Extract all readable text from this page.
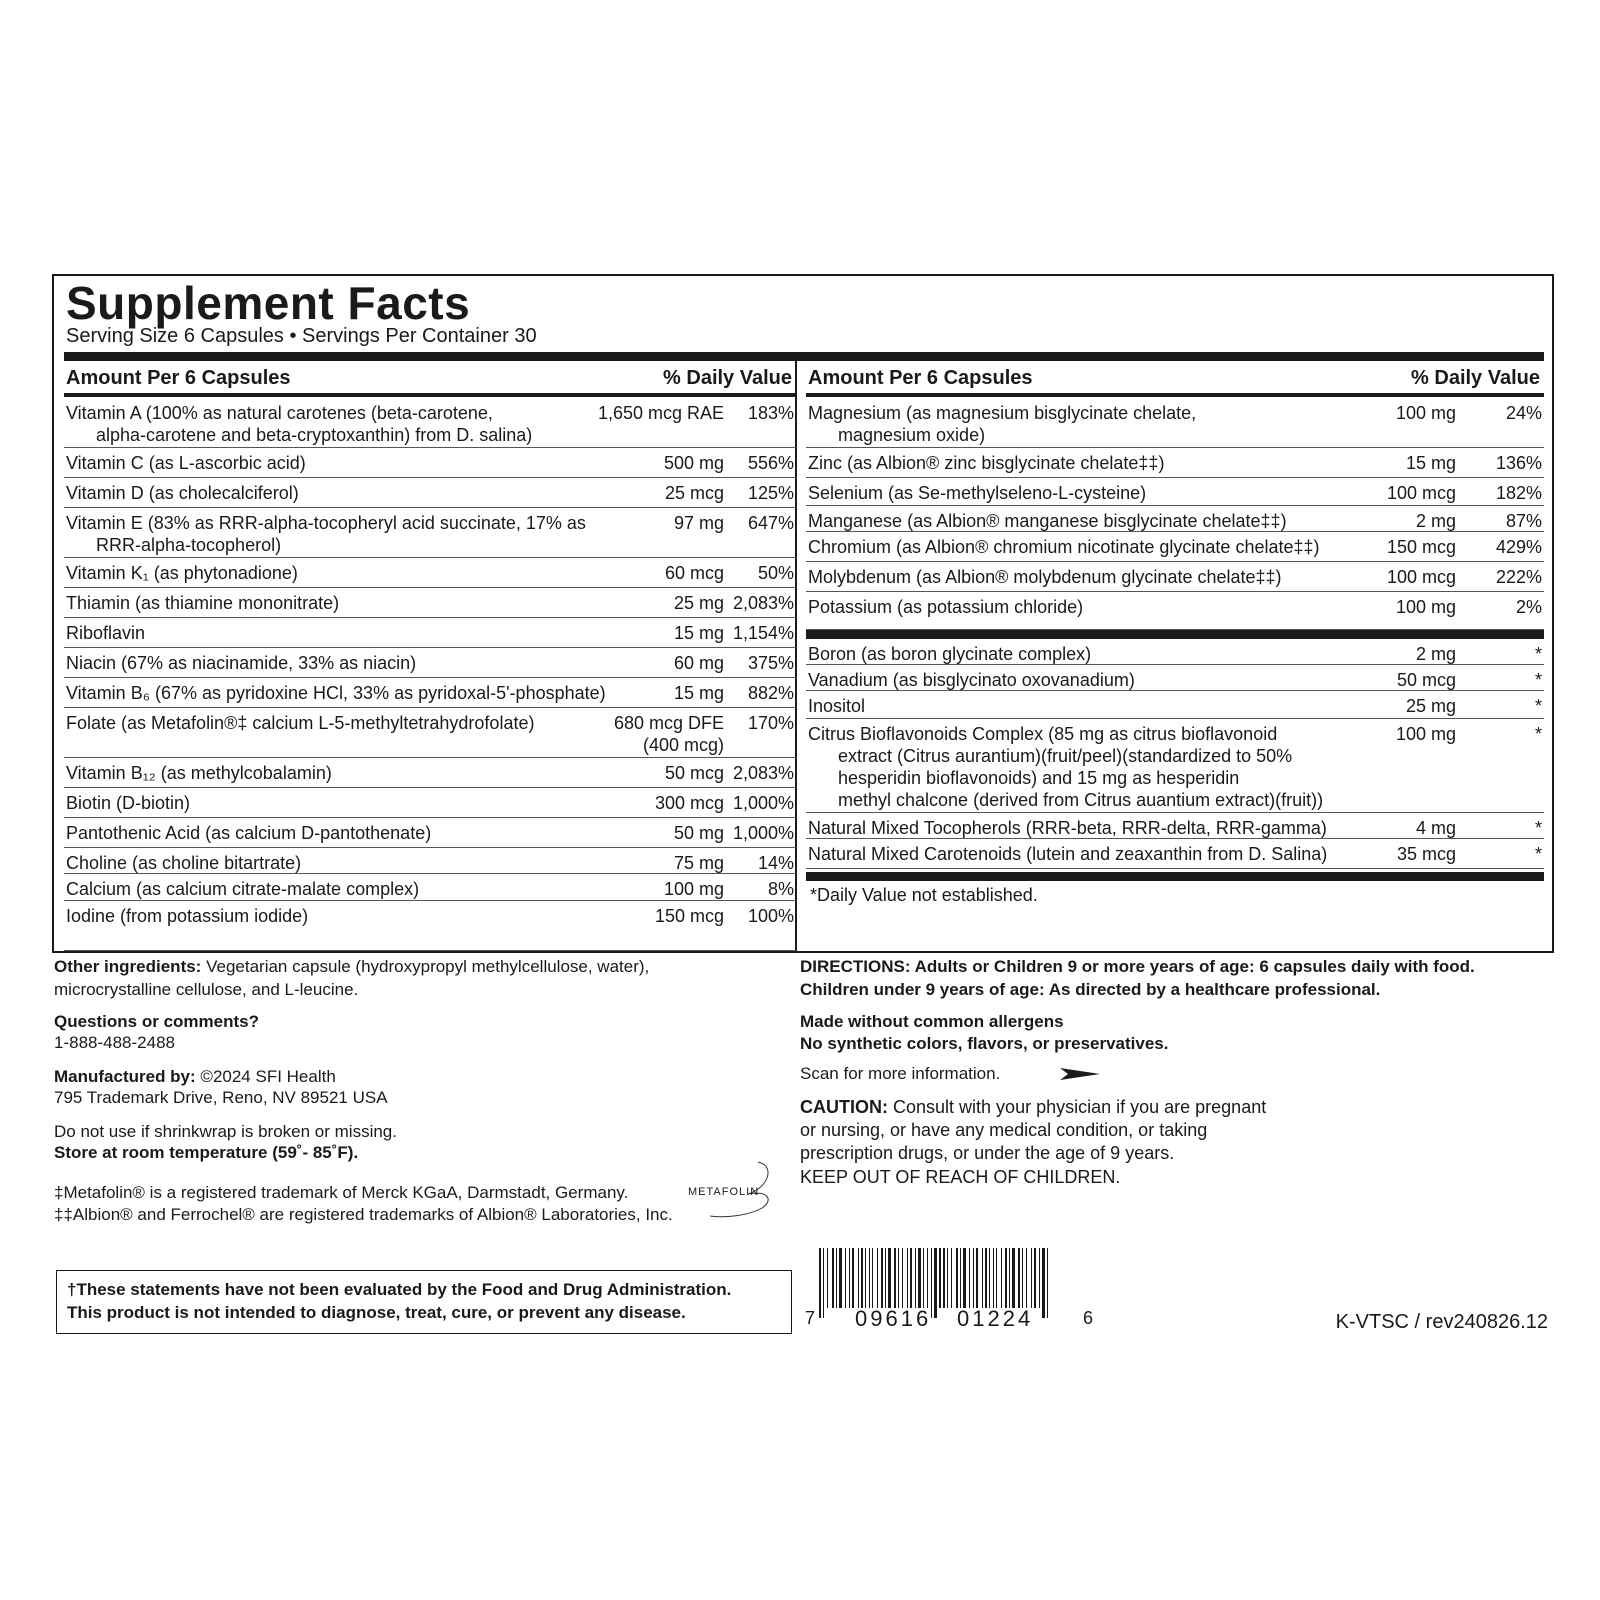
Supplement Facts
Serving Size 6 Capsules • Servings Per Container 30
Amount Per 6 Capsules	% Daily Value Amount Per 6 Capsules	% Daily Value
Vitamin A (100% as natural carotenes (beta-carotene,
alpha-carotene and beta-cryptoxanthin) from D. salina)
1,650 mcg RAE 183%
Vitamin C (as L-ascorbic acid)	500 mg 556%
Vitamin D (as cholecalciferol)	25 mcg 125%
Vitamin E (83% as RRR-alpha-tocopheryl acid succinate, 17% as
RRR-alpha-tocopherol)
97 mg 647%
Vitamin K₁ (as phytonadione)	60 mcg 50%
Thiamin (as thiamine mononitrate)	25 mg 2,083%
Riboflavin	15 mg 1,154%
Niacin (67% as niacinamide, 33% as niacin)	60 mg 375%
Vitamin B₆ (67% as pyridoxine HCl, 33% as pyridoxal-5'-phosphate)	15 mg 882%
Folate (as Metafolin®‡ calcium L-5-methyltetrahydrofolate)	680 mcg DFE
(400 mcg)
170%
Vitamin B₁₂ (as methylcobalamin)	50 mcg 2,083%
Biotin (D-biotin)	300 mcg 1,000%
Pantothenic Acid (as calcium D-pantothenate)	50 mg 1,000%
Choline (as choline bitartrate)	75 mg 14%
Calcium (as calcium citrate-malate complex)	100 mg 8%
Iodine (from potassium iodide)	150 mcg 100%
Magnesium (as magnesium bisglycinate chelate,
magnesium oxide)
100 mg	24%
Zinc (as Albion® zinc bisglycinate chelate‡‡)	15 mg 136%
Selenium (as Se-methylseleno-L-cysteine)	100 mcg 182%
Manganese (as Albion® manganese bisglycinate chelate‡‡)	2 mg	87%
Chromium (as Albion® chromium nicotinate glycinate chelate‡‡)	150 mcg 429%
Molybdenum (as Albion® molybdenum glycinate chelate‡‡)	100 mcg 222%
Potassium (as potassium chloride)	100 mg	2%
Boron (as boron glycinate complex)	2 mg	*
Vanadium (as bisglycinato oxovanadium)	50 mcg	*
Inositol	25 mg	*
Citrus Bioflavonoids Complex (85 mg as citrus bioflavonoid
extract (Citrus aurantium)(fruit/peel)(standardized to 50%
hesperidin bioflavonoids) and 15 mg as hesperidin
methyl chalcone (derived from Citrus auantium extract)(fruit))
100 mg	*
Natural Mixed Tocopherols (RRR-beta, RRR-delta, RRR-gamma)	4 mg	*
Natural Mixed Carotenoids (lutein and zeaxanthin from D. Salina)	35 mcg	*
*Daily Value not established.
Other ingredients: Vegetarian capsule (hydroxypropyl methylcellulose, water),
microcrystalline cellulose, and L-leucine.
Questions or comments?
1-888-488-2488
Manufactured by: ©2024 SFI Health
795 Trademark Drive, Reno, NV 89521 USA
Do not use if shrinkwrap is broken or missing.
Store at room temperature (59˚- 85˚F).
‡Metafolin® is a registered trademark of Merck KGaA, Darmstadt, Germany.
‡‡Albion® and Ferrochel® are registered trademarks of Albion® Laboratories, Inc.
METAFOLIN
DIRECTIONS: Adults or Children 9 or more years of age: 6 capsules daily with food.
Children under 9 years of age: As directed by a healthcare professional.
Made without common allergens
No synthetic colors, flavors, or preservatives.
Scan for more information.
CAUTION: Consult with your physician if you are pregnant
or nursing, or have any medical condition, or taking
prescription drugs, or under the age of 9 years.
KEEP OUT OF REACH OF CHILDREN.
†These statements have not been evaluated by the Food and Drug Administration.
This product is not intended to diagnose, treat, cure, or prevent any disease.	7 09616 01224	6	K-VTSC / rev240826.12
